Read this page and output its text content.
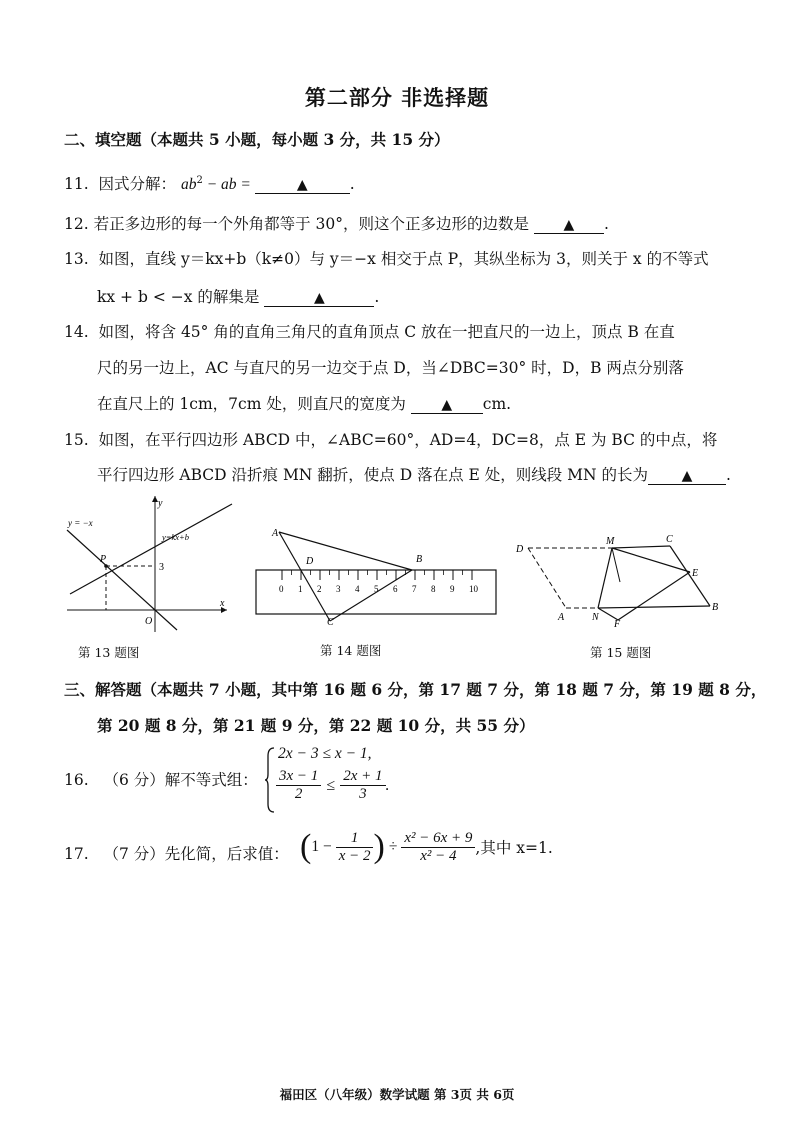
第二部分 非选择题
二、填空题（本题共 5 小题，每小题 3 分，共 15 分）
11. 因式分解： $ab^2$ − ab =	▲	.
12. 若正多边形的每一个外角都等于 30°，则这个正多边形的边数是 ▲ .
13. 如图，直线 y＝kx+b（k≠0）与 y＝−x 相交于点 P，其纵坐标为 3，则关于 x 的不等式
kx + b < −x 的解集是	▲	.
14. 如图，将含 45° 角的直角三角尺的直角顶点 C 放在一把直尺的一边上，顶点 B 在直
尺的另一边上，AC 与直尺的另一边交于点 D，当∠DBC=30° 时，D，B 两点分别落
在直尺上的 1cm，7cm 处，则直尺的宽度为	▲ cm.
15. 如图，在平行四边形 ABCD 中，∠ABC=60°，AD=4，DC=8，点 E 为 BC 的中点，将
平行四边形 ABCD 沿折痕 MN 翻折，使点 D 落在点 E 处，则线段 MN 的长为 ▲ .
y
x
O
P
3
y = −x
y=kx+b
第 13 题图
0 1 2 3 4 5 6 7 8 9 10
A
B
C
D
第 14 题图
D
M	C
E
B
N
A
F
第 15 题图
三、解答题（本题共 7 小题，其中第 16 题 6 分，第 17 题 7 分，第 18 题 7 分，第 19 题 8 分，
第 20 题 8 分，第 21 题 9 分，第 22 题 10 分，共 55 分）
16. （6 分）解不等式组：
2x − 3 ≤ x − 1,
$\frac{3x - 1}{2} \le \frac{2x + 1}{3}$ .
17. （7 分）先化简，后求值： ($1 - \frac{1}{x - 2}$ ) ÷ $\frac{\text{x² − 6x + 9}}{\text{x² − 4}}$ ,其中 x=1.
福田区（八年级）数学试题 第 3页 共 6页
